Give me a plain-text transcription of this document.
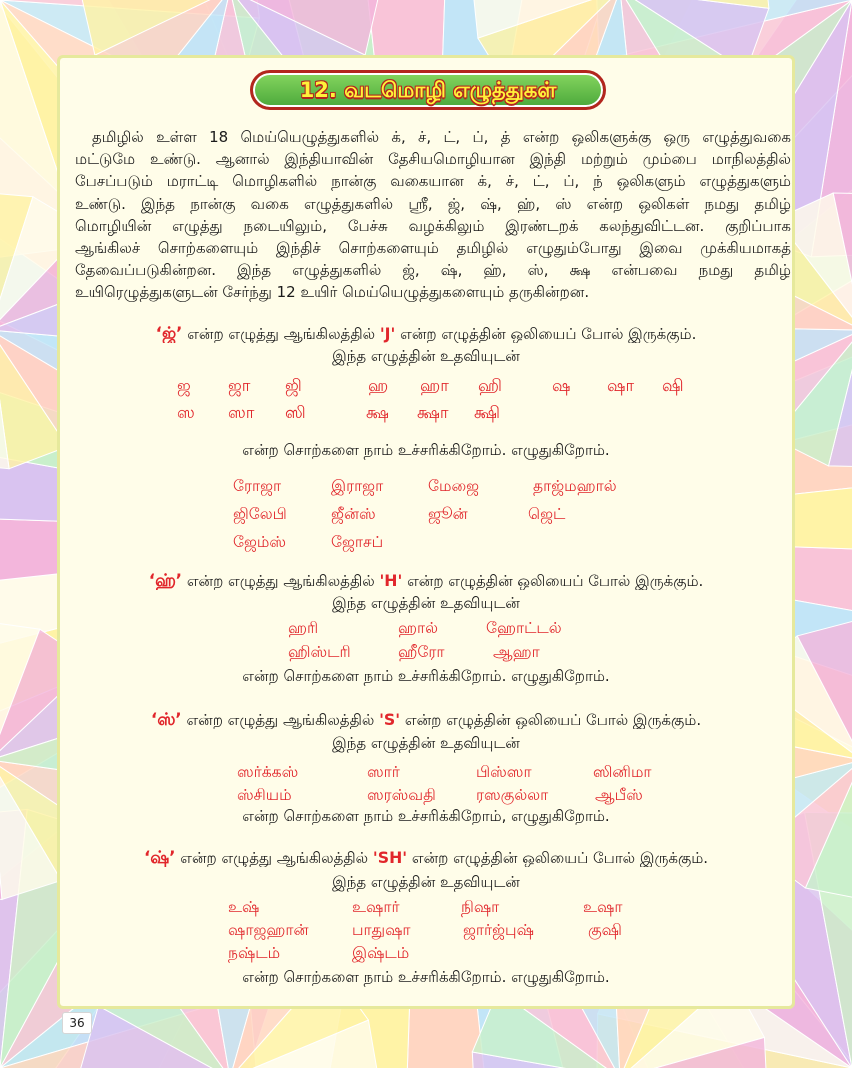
12. வடமொழி எழுத்துகள்
தமிழில் உள்ள 18 மெய்யெழுத்துகளில் க், ச், ட், ப், த் என்ற ஒலிகளுக்கு ஒரு எழுத்துவகை
மட்டுமே உண்டு. ஆனால் இந்தியாவின் தேசியமொழியான இந்தி மற்றும் மும்பை மாநிலத்தில்
பேசப்படும் மராட்டி மொழிகளில் நான்கு வகையான க், ச், ட், ப், ந் ஒலிகளும் எழுத்துகளும்
உண்டு. இந்த நான்கு வகை எழுத்துகளில் ஸ்ரீ, ஜ், ஷ், ஹ், ஸ் என்ற ஒலிகள் நமது தமிழ்
மொழியின் எழுத்து நடையிலும், பேச்சு வழக்கிலும் இரண்டறக் கலந்துவிட்டன. குறிப்பாக
ஆங்கிலச் சொற்களையும் இந்திச் சொற்களையும் தமிழில் எழுதும்போது இவை முக்கியமாகத்
தேவைப்படுகின்றன. இந்த எழுத்துகளில் ஜ், ஷ், ஹ், ஸ், க்ஷ என்பவை நமது தமிழ்
உயிரெழுத்துகளுடன் சேர்ந்து 12 உயிர் மெய்யெழுத்துகளையும் தருகின்றன.
‘ஜ்’ என்ற எழுத்து ஆங்கிலத்தில் 'J' என்ற எழுத்தின் ஒலியைப் போல் இருக்கும்.
இந்த எழுத்தின் உதவியுடன்
ஜ ஜா ஜி	ஹ ஹா ஹி	ஷ ஷா ஷி
ஸ ஸா ஸி	க்ஷ க்ஷா க்ஷி
என்ற சொற்களை நாம் உச்சரிக்கிறோம். எழுதுகிறோம்.
ரோஜா	இராஜா	மேஜை	தாஜ்மஹால்
ஜிலேபி	ஜீன்ஸ்	ஜூன்	ஜெட்
ஜேம்ஸ்	ஜோசப்
‘ஹ்’ என்ற எழுத்து ஆங்கிலத்தில் 'H' என்ற எழுத்தின் ஒலியைப் போல் இருக்கும்.
இந்த எழுத்தின் உதவியுடன்
ஹரி	ஹால்	ஹோட்டல்
ஹிஸ்டரி	ஹீரோ	ஆஹா
என்ற சொற்களை நாம் உச்சரிக்கிறோம். எழுதுகிறோம்.
‘ஸ்’ என்ற எழுத்து ஆங்கிலத்தில் 'S' என்ற எழுத்தின் ஒலியைப் போல் இருக்கும்.
இந்த எழுத்தின் உதவியுடன்
ஸர்க்கஸ்	ஸார்	பிஸ்ஸா	ஸினிமா
ஸ்சியம்	ஸரஸ்வதி	ரஸகுல்லா	ஆபீஸ்
என்ற சொற்களை நாம் உச்சரிக்கிறோம், எழுதுகிறோம்.
‘ஷ்’ என்ற எழுத்து ஆங்கிலத்தில் 'SH' என்ற எழுத்தின் ஒலியைப் போல் இருக்கும்.
இந்த எழுத்தின் உதவியுடன்
உஷ்	உஷார்	நிஷா	உஷா
ஷாஜஹான்	பாதுஷா	ஜார்ஜ்புஷ்	குஷி
நஷ்டம்	இஷ்டம்
என்ற சொற்களை நாம் உச்சரிக்கிறோம். எழுதுகிறோம்.
36
